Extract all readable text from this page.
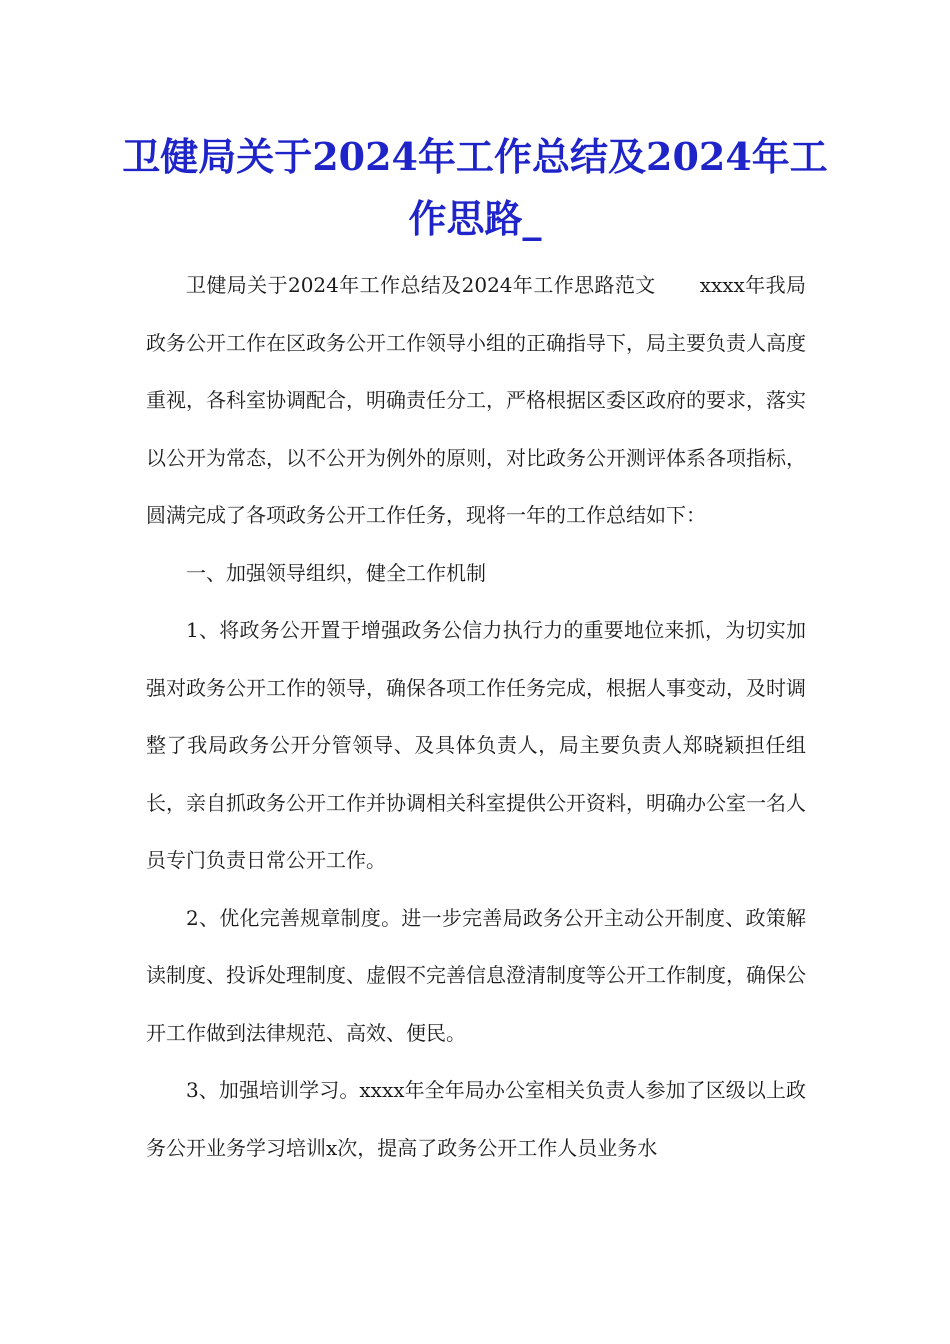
卫健局关于2024年工作总结及2024年工作思路_

卫健局关于2024年工作总结及2024年工作思路范文 xxxx年我局政务公开工作在区政务公开工作领导小组的正确指导下，局主要负责人高度重视，各科室协调配合，明确责任分工，严格根据区委区政府的要求，落实以公开为常态，以不公开为例外的原则，对比政务公开测评体系各项指标，圆满完成了各项政务公开工作任务，现将一年的工作总结如下：

一、加强领导组织，健全工作机制

1、将政务公开置于增强政务公信力执行力的重要地位来抓，为切实加强对政务公开工作的领导，确保各项工作任务完成，根据人事变动，及时调整了我局政务公开分管领导、及具体负责人，局主要负责人郑晓颖担任组长，亲自抓政务公开工作并协调相关科室提供公开资料，明确办公室一名人员专门负责日常公开工作。

2、优化完善规章制度。进一步完善局政务公开主动公开制度、政策解读制度、投诉处理制度、虚假不完善信息澄清制度等公开工作制度，确保公开工作做到法律规范、高效、便民。

3、加强培训学习。xxxx年全年局办公室相关负责人参加了区级以上政务公开业务学习培训x次，提高了政务公开工作人员业务水
